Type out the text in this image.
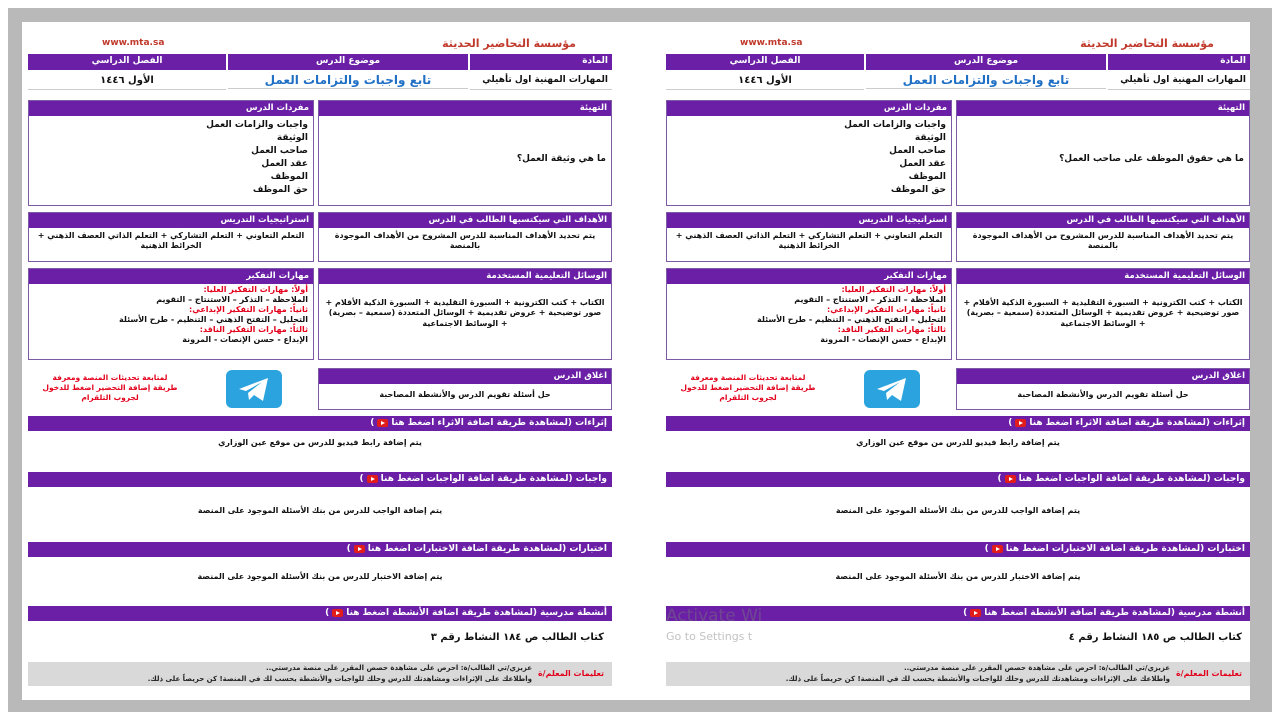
مؤسسة التحاضير الحديثة
www.mta.sa
المادة
موضوع الدرس
الفصل الدراسي
المهارات المهنية اول تأهيلي
تابع واجبات والتزامات العمل
الأول ١٤٤٦
التهيئة
ما هي وثيقة العمل؟
مفردات الدرس
واجبات والزامات العمل
الوثيقة
صاحب العمل
عقد العمل
الموظف
حق الموظف
الأهداف التي سيكتسبها الطالب في الدرس
يتم تحديد الأهداف المناسبة للدرس المشروح من الأهداف الموجودة بالمنصة
استراتيجيات التدريس
التعلم التعاوني + التعلم التشاركي + التعلم الذاتي العصف الذهني + الخرائط الذهنية
الوسائل التعليمية المستخدمة
الكتاب + كتب الكترونية + السبورة التقليدية + السبورة الذكية الأقلام + صور توضيحية + عروض تقديمية + الوسائل المتعددة (سمعية – بصرية) + الوسائط الاجتماعية
مهارات التفكير
أولاً: مهارات التفكير العليا:
الملاحظة – التذكر – الاستنتاج – التقويم
ثانياً: مهارات التفكير الإبداعي:
التحليل – التفتح الذهني – التنظيم - طرح الأسئلة
ثالثاً: مهارات التفكير الناقد:
الإبداع - حسن الإنصات - المرونة
اغلاق الدرس
حل أسئلة تقويم الدرس والأنشطة المصاحبة
لمتابعة تحديثات المنصة ومعرفة طريقة إضافة التحضير اضغط للدخول لجروب التلقرام
إثراءات (لمشاهدة طريقة اضافة الاثراء اضغط هنا)
يتم إضافة رابط فيديو للدرس من موقع عين الوزاري
واجبات (لمشاهدة طريقة اضافة الواجبات اضغط هنا)
يتم إضافة الواجب للدرس من بنك الأسئلة الموجود على المنصة
اختبارات (لمشاهدة طريقة اضافة الاختبارات اضغط هنا)
يتم إضافة الاختبار للدرس من بنك الأسئلة الموجود على المنصة
أنشطة مدرسية (لمشاهدة طريقة اضافة الأنشطة اضغط هنا)
كتاب الطالب ص ١٨٤ النشاط رقم ٣
تعليمات المعلم/ة
عزيزي/تي الطالب/ة: احرص على مشاهدة حصص المقرر على منصة مدرستي..
واطلاعك على الإثراءات ومشاهدتك للدرس وحلك للواجبات والأنشطة يحسب لك في المنصة! كن حريصاً على ذلك.
مؤسسة التحاضير الحديثة
www.mta.sa
المادة
موضوع الدرس
الفصل الدراسي
المهارات المهنية اول تأهيلي
تابع واجبات والتزامات العمل
الأول ١٤٤٦
التهيئة
ما هي حقوق الموظف على صاحب العمل؟
مفردات الدرس
واجبات والزامات العمل
الوثيقة
صاحب العمل
عقد العمل
الموظف
حق الموظف
الأهداف التي سيكتسبها الطالب في الدرس
يتم تحديد الأهداف المناسبة للدرس المشروح من الأهداف الموجودة بالمنصة
استراتيجيات التدريس
التعلم التعاوني + التعلم التشاركي + التعلم الذاتي العصف الذهني + الخرائط الذهنية
الوسائل التعليمية المستخدمة
الكتاب + كتب الكترونية + السبورة التقليدية + السبورة الذكية الأقلام + صور توضيحية + عروض تقديمية + الوسائل المتعددة (سمعية – بصرية) + الوسائط الاجتماعية
مهارات التفكير
أولاً: مهارات التفكير العليا:
الملاحظة – التذكر – الاستنتاج – التقويم
ثانياً: مهارات التفكير الإبداعي:
التحليل – التفتح الذهني – التنظيم - طرح الأسئلة
ثالثاً: مهارات التفكير الناقد:
الإبداع - حسن الإنصات - المرونة
اغلاق الدرس
حل أسئلة تقويم الدرس والأنشطة المصاحبة
لمتابعة تحديثات المنصة ومعرفة طريقة إضافة التحضير اضغط للدخول لجروب التلقرام
إثراءات (لمشاهدة طريقة اضافة الاثراء اضغط هنا)
يتم إضافة رابط فيديو للدرس من موقع عين الوزاري
واجبات (لمشاهدة طريقة اضافة الواجبات اضغط هنا)
يتم إضافة الواجب للدرس من بنك الأسئلة الموجود على المنصة
اختبارات (لمشاهدة طريقة اضافة الاختبارات اضغط هنا)
يتم إضافة الاختبار للدرس من بنك الأسئلة الموجود على المنصة
أنشطة مدرسية (لمشاهدة طريقة اضافة الأنشطة اضغط هنا)
كتاب الطالب ص ١٨٥ النشاط رقم ٤
تعليمات المعلم/ة
عزيزي/تي الطالب/ة: احرص على مشاهدة حصص المقرر على منصة مدرستي..
واطلاعك على الإثراءات ومشاهدتك للدرس وحلك للواجبات والأنشطة يحسب لك في المنصة! كن حريصاً على ذلك.
Activate Wi
Go to Settings t
